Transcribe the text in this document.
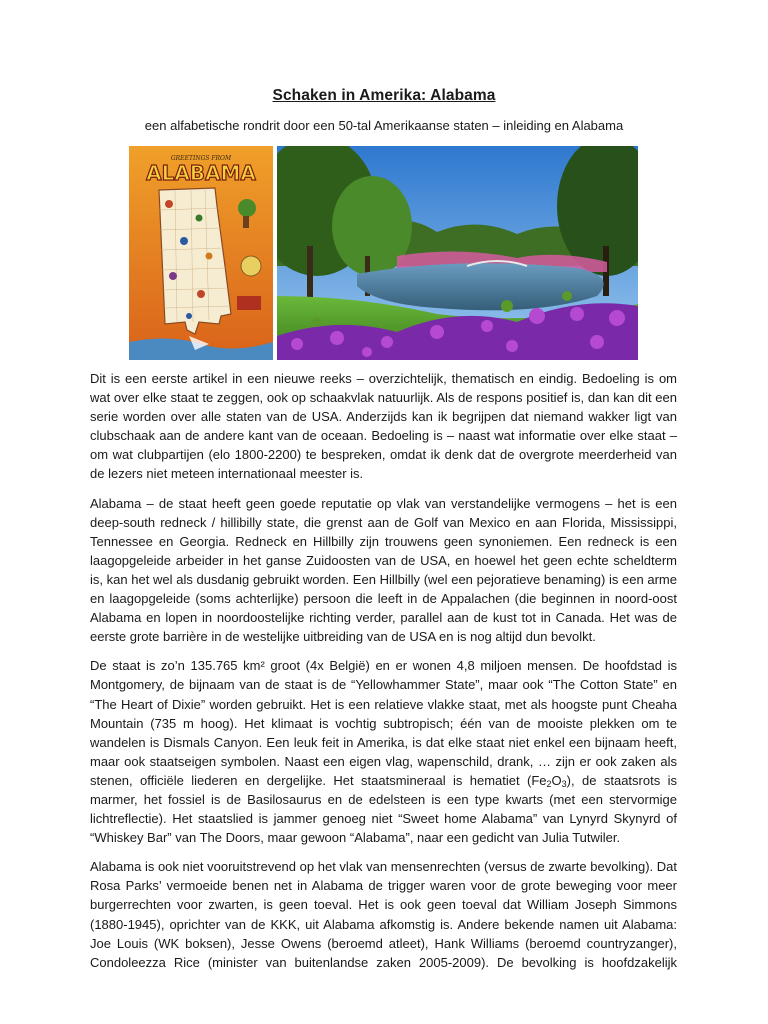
Schaken in Amerika: Alabama
een alfabetische rondrit door een 50-tal Amerikaanse staten – inleiding en Alabama
GREETINGS FROM
ALABAMA

Dit is een eerste artikel in een nieuwe reeks – overzichtelijk, thematisch en eindig. Bedoeling is om wat over elke staat te zeggen, ook op schaakvlak natuurlijk. Als de respons positief is, dan kan dit een serie worden over alle staten van de USA. Anderzijds kan ik begrijpen dat niemand wakker ligt van clubschaak aan de andere kant van de oceaan. Bedoeling is – naast wat informatie over elke staat – om wat clubpartijen (elo 1800-2200) te bespreken, omdat ik denk dat de overgrote meerderheid van de lezers niet meteen internationaal meester is.

Alabama – de staat heeft geen goede reputatie op vlak van verstandelijke vermogens – het is een deep-south redneck / hillibilly state, die grenst aan de Golf van Mexico en aan Florida, Mississippi, Tennessee en Georgia. Redneck en Hillbilly zijn trouwens geen synoniemen. Een redneck is een laagopgeleide arbeider in het ganse Zuidoosten van de USA, en hoewel het geen echte scheldterm is, kan het wel als dusdanig gebruikt worden. Een Hillbilly (wel een pejoratieve benaming) is een arme en laagopgeleide (soms achterlijke) persoon die leeft in de Appalachen (die beginnen in noord-oost Alabama en lopen in noordoostelijke richting verder, parallel aan de kust tot in Canada. Het was de eerste grote barrière in de westelijke uitbreiding van de USA en is nog altijd dun bevolkt.

De staat is zo’n 135.765 km² groot (4x België) en er wonen 4,8 miljoen mensen. De hoofdstad is Montgomery, de bijnaam van de staat is de “Yellowhammer State”, maar ook “The Cotton State” en “The Heart of Dixie” worden gebruikt. Het is een relatieve vlakke staat, met als hoogste punt Cheaha Mountain (735 m hoog). Het klimaat is vochtig subtropisch; één van de mooiste plekken om te wandelen is Dismals Canyon. Een leuk feit in Amerika, is dat elke staat niet enkel een bijnaam heeft, maar ook staatseigen symbolen. Naast een eigen vlag, wapenschild, drank, … zijn er ook zaken als stenen, officiële liederen en dergelijke. Het staatsmineraal is hematiet $(Fe_2O_3)$, de staatsrots is marmer, het fossiel is de Basilosaurus en de edelsteen is een type kwarts (met een stervormige lichtreflectie). Het staatslied is jammer genoeg niet “Sweet home Alabama” van Lynyrd Skynyrd of “Whiskey Bar” van The Doors, maar gewoon “Alabama”, naar een gedicht van Julia Tutwiler.

Alabama is ook niet vooruitstrevend op het vlak van mensenrechten (versus de zwarte bevolking). Dat Rosa Parks’ vermoeide benen net in Alabama de trigger waren voor de grote beweging voor meer burgerrechten voor zwarten, is geen toeval. Het is ook geen toeval dat William Joseph Simmons (1880-1945), oprichter van de KKK, uit Alabama afkomstig is. Andere bekende namen uit Alabama: Joe Louis (WK boksen), Jesse Owens (beroemd atleet), Hank Williams (beroemd countryzanger), Condoleezza Rice (minister van buitenlandse zaken 2005-2009). De bevolking is hoofdzakelijk
